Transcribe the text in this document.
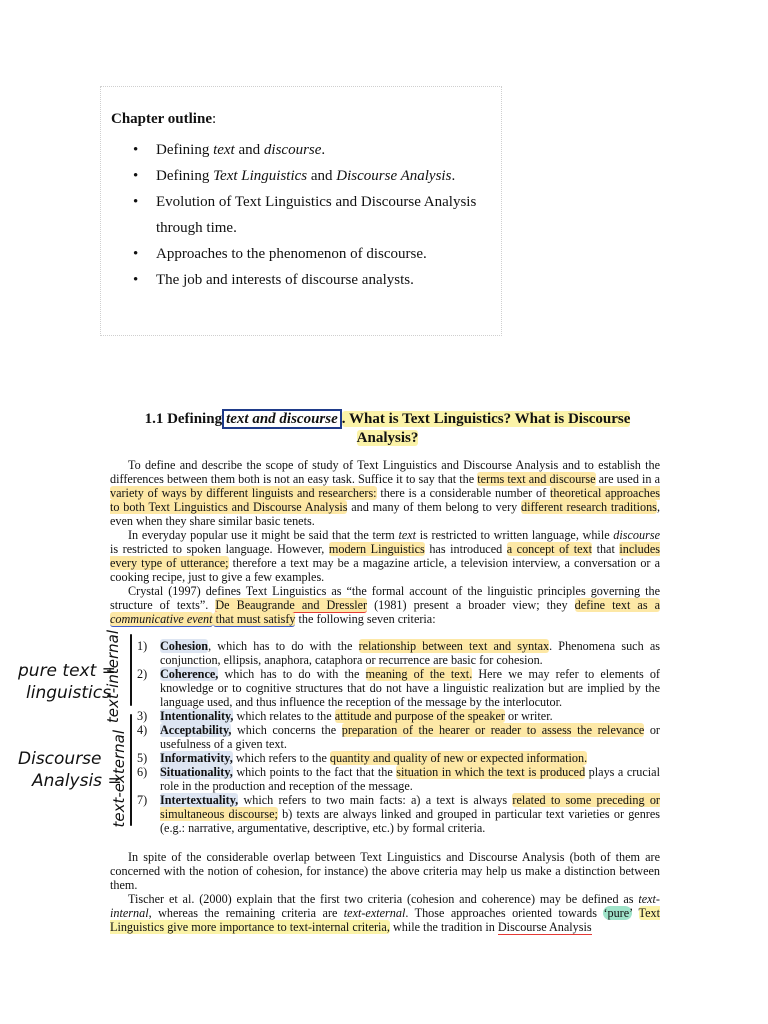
Chapter outline:
• Defining text and discourse.
• Defining Text Linguistics and Discourse Analysis.
• Evolution of Text Linguistics and Discourse Analysis through time.
• Approaches to the phenomenon of discourse.
• The job and interests of discourse analysts.
1.1 Defining text and discourse . What is Text Linguistics? What is Discourse
Analysis?

To define and describe the scope of study of Text Linguistics and Discourse Analysis and to establish the differences between them both is not an easy task. Suffice it to say that the terms text and discourse are used in a variety of ways by different linguists and researchers: there is a considerable number of theoretical approaches to both Text Linguistics and Discourse Analysis and many of them belong to very different research traditions, even when they share similar basic tenets.

In everyday popular use it might be said that the term text is restricted to written language, while discourse is restricted to spoken language. However, modern Linguistics has introduced a concept of text that includes every type of utterance; therefore a text may be a magazine article, a television interview, a conversation or a cooking recipe, just to give a few examples.

Crystal (1997) defines Text Linguistics as “the formal account of the linguistic principles governing the structure of texts”. De Beaugrande and Dressler (1981) present a broader view; they define text as a communicative event that must satisfy the following seven criteria:

1) Cohesion, which has to do with the relationship between text and syntax. Phenomena such as conjunction, ellipsis, anaphora, cataphora or recurrence are basic for cohesion.
2) Coherence, which has to do with the meaning of the text. Here we may refer to elements of knowledge or to cognitive structures that do not have a linguistic realization but are implied by the language used, and thus influence the reception of the message by the interlocutor.
3) Intentionality, which relates to the attitude and purpose of the speaker or writer.
4) Acceptability, which concerns the preparation of the hearer or reader to assess the relevance or usefulness of a given text.
5) Informativity, which refers to the quantity and quality of new or expected information.
6) Situationality, which points to the fact that the situation in which the text is produced plays a crucial role in the production and reception of the message.
7) Intertextuality, which refers to two main facts: a) a text is always related to some preceding or simultaneous discourse; b) texts are always linked and grouped in particular text varieties or genres (e.g.: narrative, argumentative, descriptive, etc.) by formal criteria.

In spite of the considerable overlap between Text Linguistics and Discourse Analysis (both of them are concerned with the notion of cohesion, for instance) the above criteria may help us make a distinction between them.

Tischer et al. (2000) explain that the first two criteria (cohesion and coherence) may be defined as text-internal, whereas the remaining criteria are text-external. Those approaches oriented towards ‘pure’ Text Linguistics give more importance to text-internal criteria, while the tradition in Discourse Analysis

pure text =
linguistics
Discourse
Analysis =
text-internal
text-external
